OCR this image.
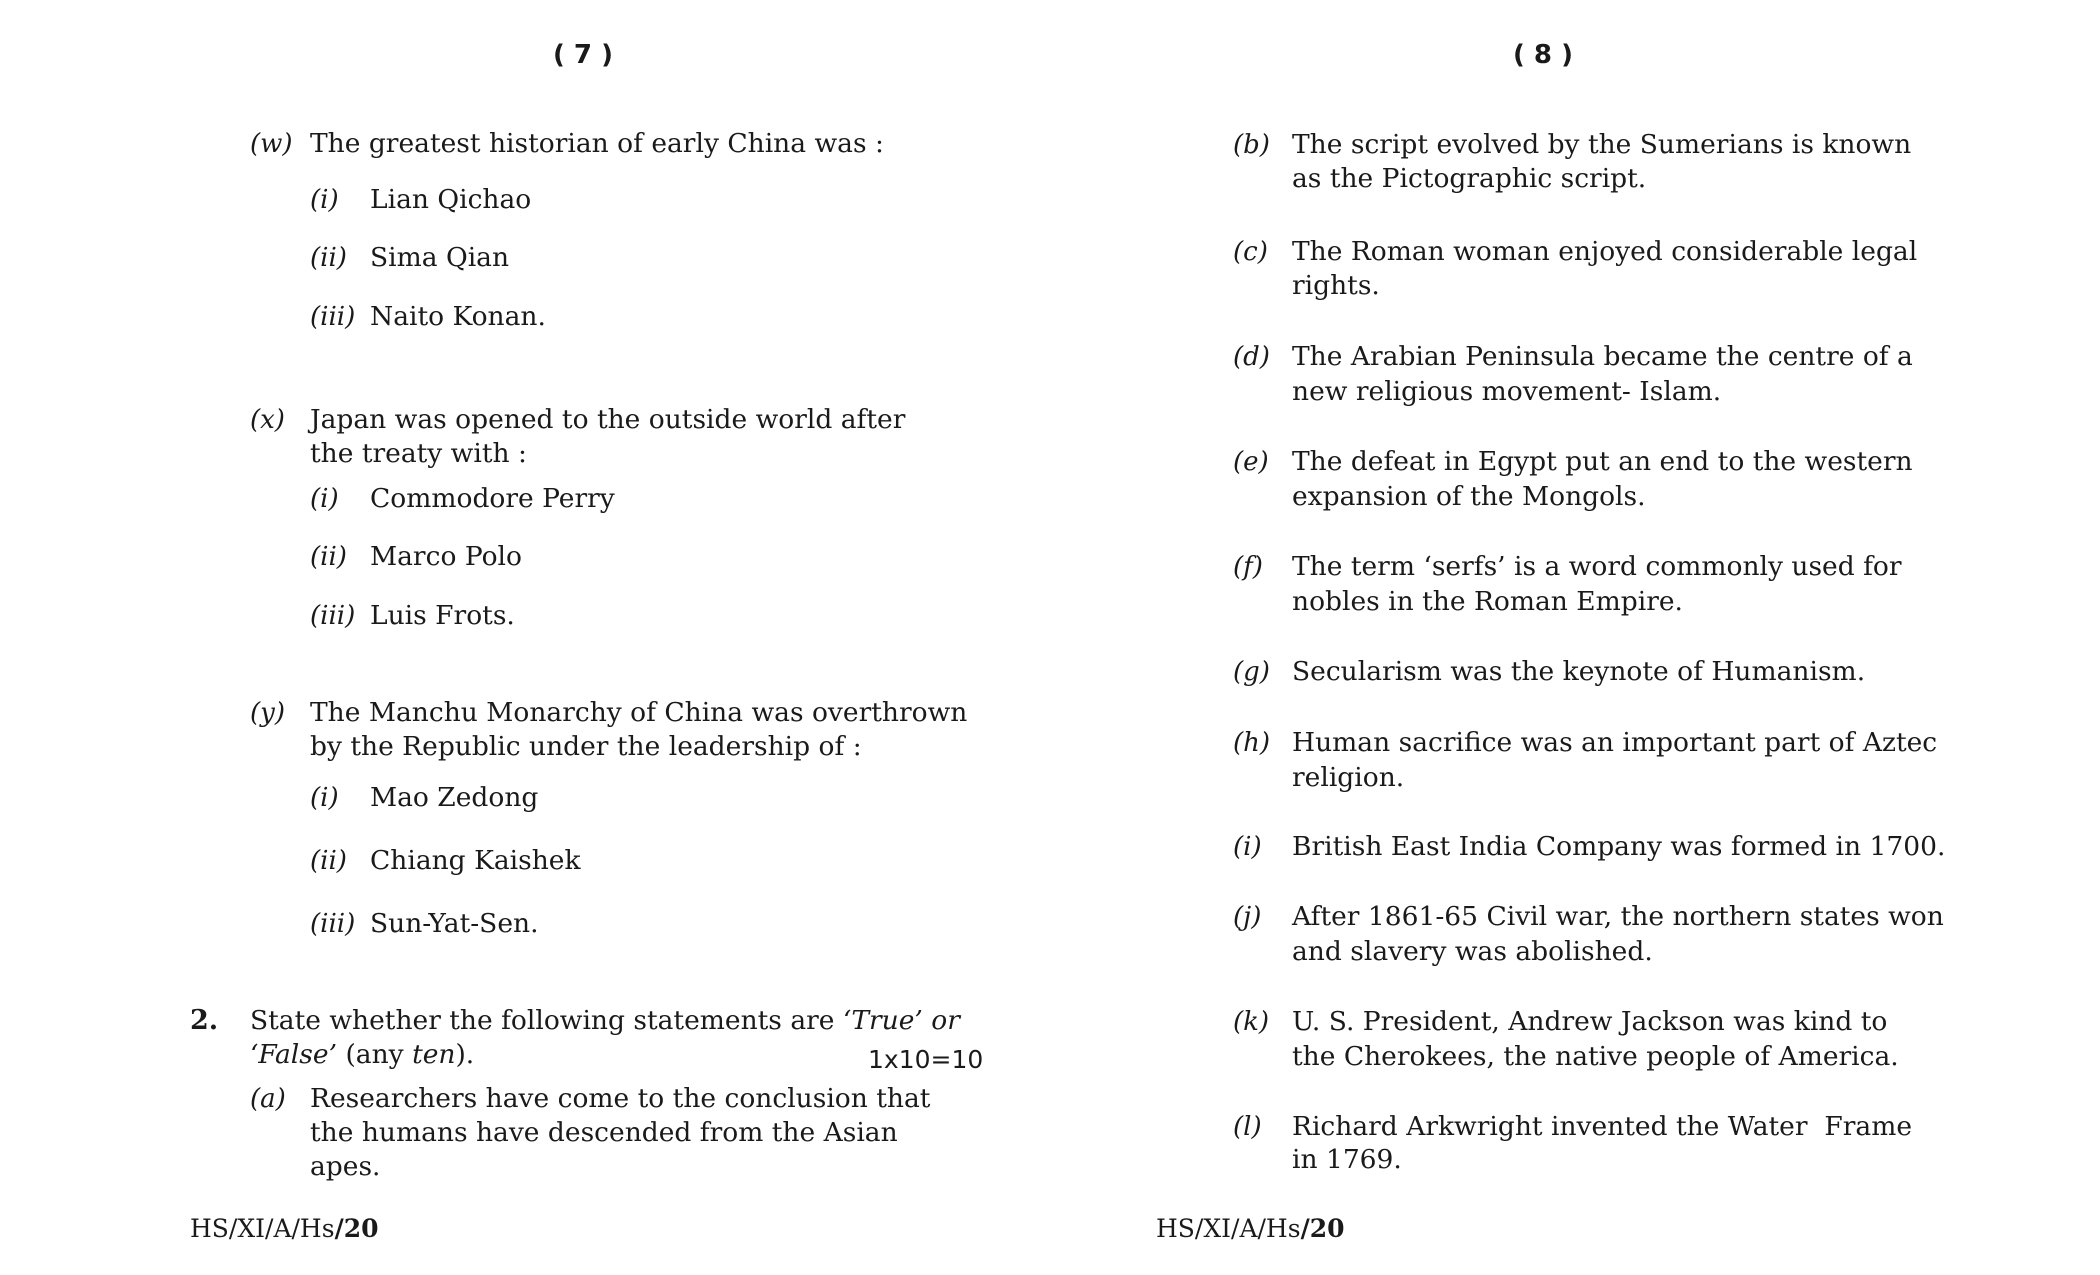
( 7 )
(w) The greatest historian of early China was :
(i) Lian Qichao
(ii) Sima Qian
(iii) Naito Konan.
(x) Japan was opened to the outside world after
the treaty with :
(i) Commodore Perry
(ii) Marco Polo
(iii) Luis Frots.
(y) The Manchu Monarchy of China was overthrown
by the Republic under the leadership of :
(i) Mao Zedong
(ii) Chiang Kaishek
(iii) Sun-Yat-Sen.
2. State whether the following statements are ‘True’ or
‘False’ (any ten).	1x10=10
(a) Researchers have come to the conclusion that
the humans have descended from the Asian
apes.
HS/XI/A/Hs/20
( 8 )
(b) The script evolved by the Sumerians is known
as the Pictographic script.
(c) The Roman woman enjoyed considerable legal
rights.
(d) The Arabian Peninsula became the centre of a
new religious movement- Islam.
(e) The defeat in Egypt put an end to the western
expansion of the Mongols.
(f) The term ‘serfs’ is a word commonly used for
nobles in the Roman Empire.
(g) Secularism was the keynote of Humanism.
(h) Human sacrifice was an important part of Aztec
religion.
(i) British East India Company was formed in 1700.
(j) After 1861-65 Civil war, the northern states won
and slavery was abolished.
(k) U. S. President, Andrew Jackson was kind to
the Cherokees, the native people of America.
(l) Richard Arkwright invented the Water  Frame
in 1769.
HS/XI/A/Hs/20
